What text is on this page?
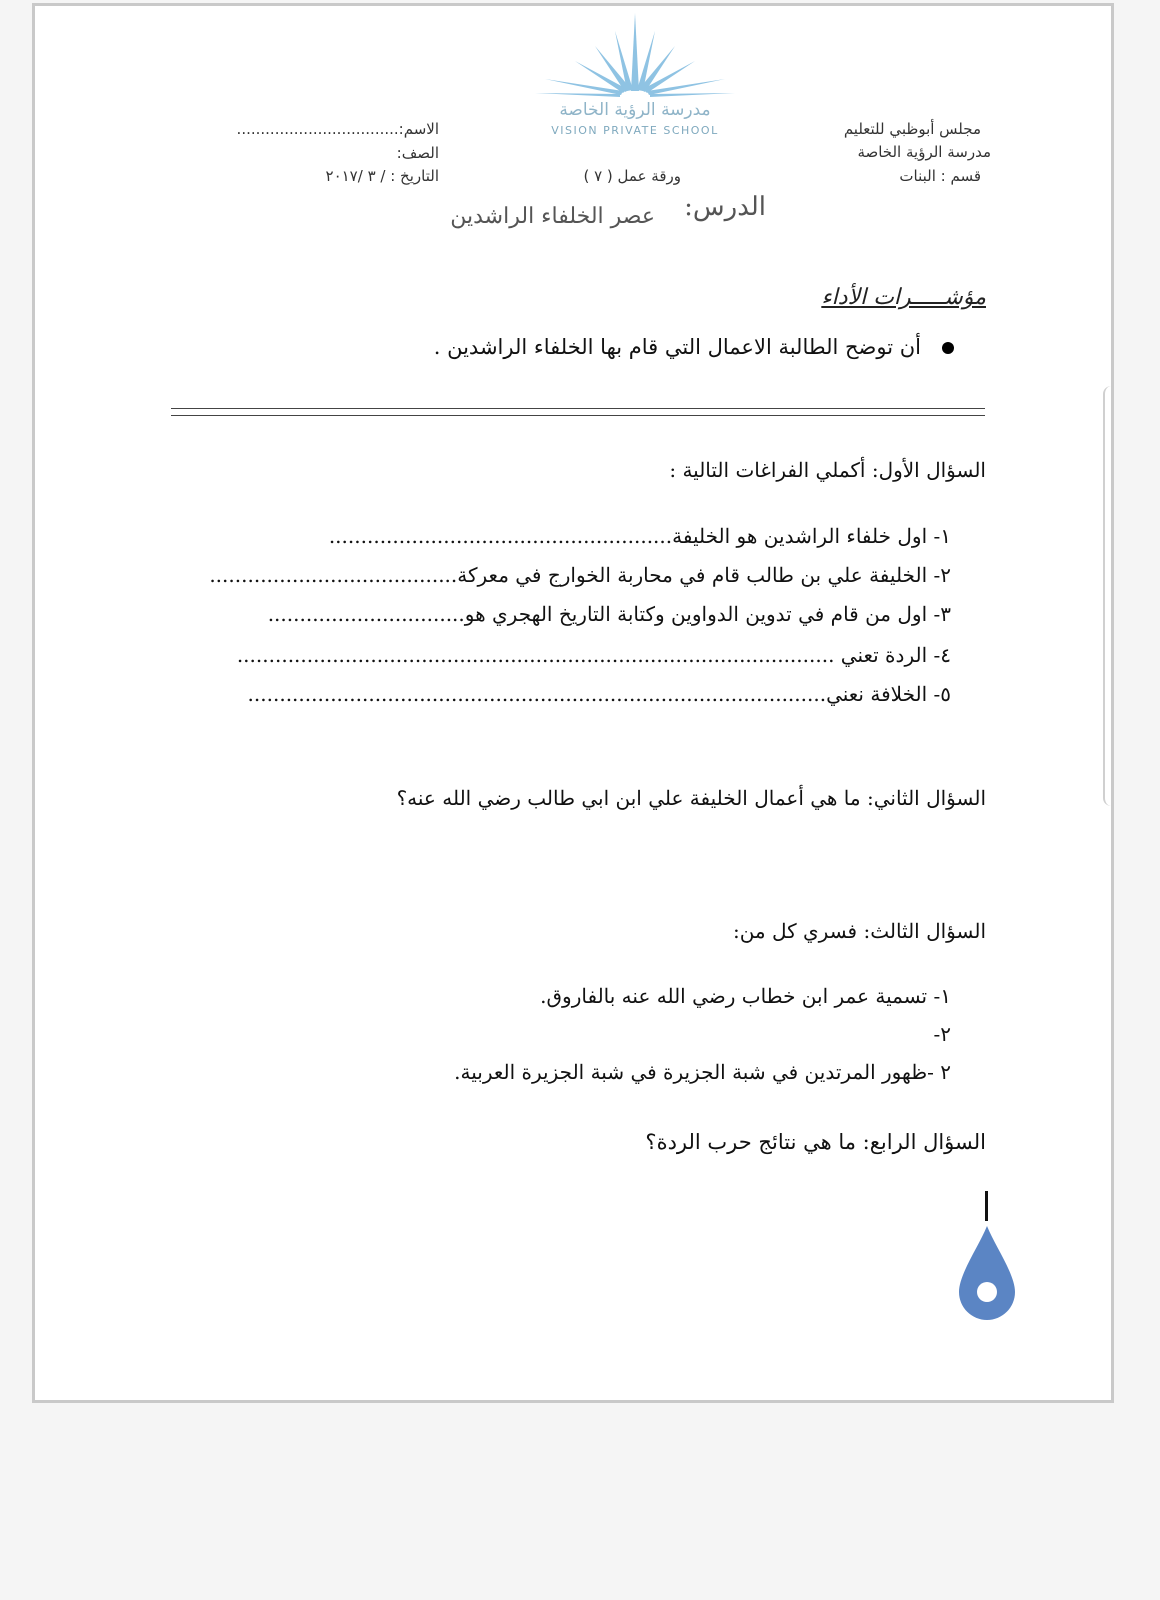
مدرسة الرؤية الخاصة
VISION PRIVATE SCHOOL	مجلس أبوظبي للتعليم
مدرسة الرؤية الخاصة
قسم : البنات
الاسم:..................................
الصف:
التاريخ : / ٣ /٢٠١٧	ورقة عمل ( ٧ )
الدرس:
عصر الخلفاء الراشدين
مؤشـــــرات الأداء
أن توضح الطالبة الاعمال التي قام بها الخلفاء الراشدين .
السؤال الأول: أكملي الفراغات التالية :
١- اول خلفاء الراشدين هو الخليفة......................................................
٢- الخليفة علي بن طالب قام في محاربة الخوارج في معركة.......................................
٣- اول من قام في تدوين الدواوين وكتابة التاريخ الهجري هو...............................
٤- الردة تعني ..............................................................................................
٥- الخلافة نعني...........................................................................................
السؤال الثاني: ما هي أعمال الخليفة علي ابن ابي طالب رضي الله عنه؟
السؤال الثالث: فسري كل من:
١- تسمية عمر ابن خطاب رضي الله عنه بالفاروق.
٢-
٢ -ظهور المرتدين في شبة الجزيرة في شبة الجزيرة العربية.
السؤال الرابع: ما هي نتائج حرب الردة؟
